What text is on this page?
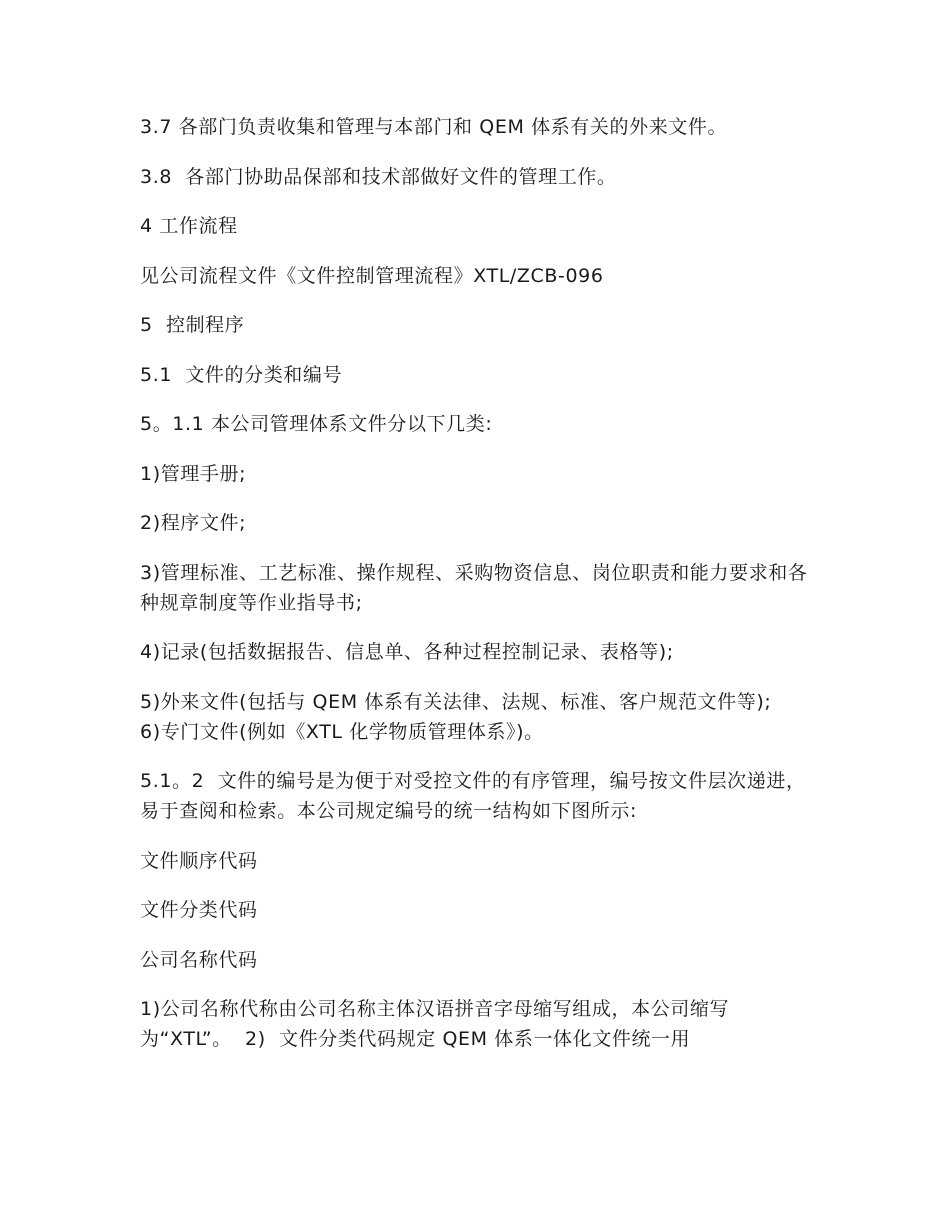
3.7 各部门负责收集和管理与本部门和 QEM 体系有关的外来文件。

3.8  各部门协助品保部和技术部做好文件的管理工作。

4 工作流程

见公司流程文件《文件控制管理流程》XTL/ZCB-096

5  控制程序

5.1  文件的分类和编号

5。1.1 本公司管理体系文件分以下几类:

1)管理手册;

2)程序文件;

3)管理标准、工艺标准、操作规程、采购物资信息、岗位职责和能力要求和各种规章制度等作业指导书;

4)记录(包括数据报告、信息单、各种过程控制记录、表格等);

5)外来文件(包括与 QEM 体系有关法律、法规、标准、客户规范文件等);

6)专门文件(例如《XTL 化学物质管理体系》)。

5.1。2  文件的编号是为便于对受控文件的有序管理，编号按文件层次递进，易于查阅和检索。本公司规定编号的统一结构如下图所示:

文件顺序代码

文件分类代码

公司名称代码

1)公司名称代称由公司名称主体汉语拼音字母缩写组成，本公司缩写为“XTL”。  2)  文件分类代码规定 QEM 体系一体化文件统一用
